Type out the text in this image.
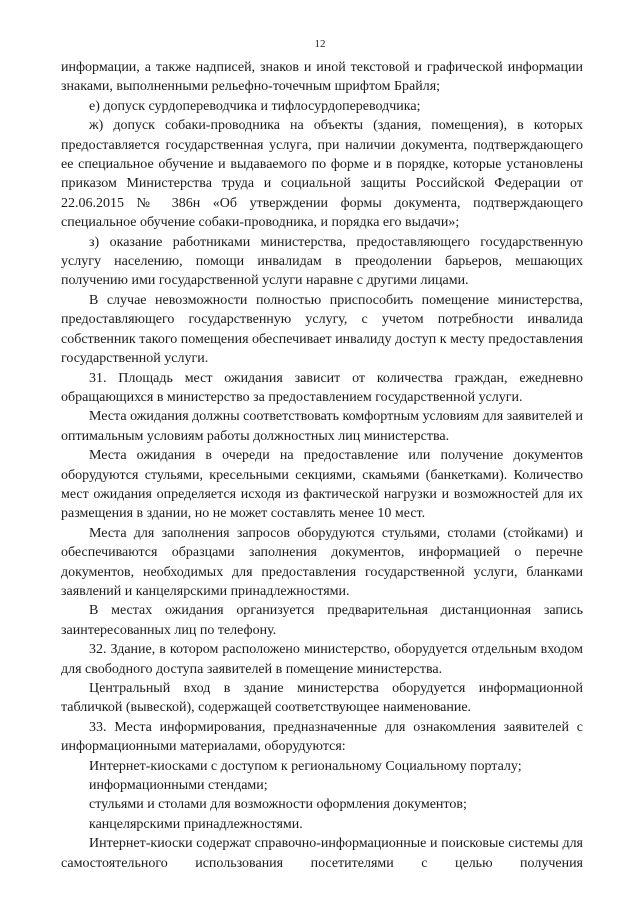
12

информации, а также надписей, знаков и иной текстовой и графической информации знаками, выполненными рельефно-точечным шрифтом Брайля;

е) допуск сурдопереводчика и тифлосурдопереводчика;

ж) допуск собаки-проводника на объекты (здания, помещения), в которых предоставляется государственная услуга, при наличии документа, подтверждающего ее специальное обучение и выдаваемого по форме и в порядке, которые установлены приказом Министерства труда и социальной защиты Российской Федерации от 22.06.2015 № 386н «Об утверждении формы документа, подтверждающего специальное обучение собаки-проводника, и порядка его выдачи»;

з) оказание работниками министерства, предоставляющего государственную услугу населению, помощи инвалидам в преодолении барьеров, мешающих получению ими государственной услуги наравне с другими лицами.

В случае невозможности полностью приспособить помещение министерства, предоставляющего государственную услугу, с учетом потребности инвалида собственник такого помещения обеспечивает инвалиду доступ к месту предоставления государственной услуги.

31. Площадь мест ожидания зависит от количества граждан, ежедневно обращающихся в министерство за предоставлением государственной услуги.

Места ожидания должны соответствовать комфортным условиям для заявителей и оптимальным условиям работы должностных лиц министерства.

Места ожидания в очереди на предоставление или получение документов оборудуются стульями, кресельными секциями, скамьями (банкетками). Количество мест ожидания определяется исходя из фактической нагрузки и возможностей для их размещения в здании, но не может составлять менее 10 мест.

Места для заполнения запросов оборудуются стульями, столами (стойками) и обеспечиваются образцами заполнения документов, информацией о перечне документов, необходимых для предоставления государственной услуги, бланками заявлений и канцелярскими принадлежностями.

В местах ожидания организуется предварительная дистанционная запись заинтересованных лиц по телефону.

32. Здание, в котором расположено министерство, оборудуется отдельным входом для свободного доступа заявителей в помещение министерства.

Центральный вход в здание министерства оборудуется информационной табличкой (вывеской), содержащей соответствующее наименование.

33. Места информирования, предназначенные для ознакомления заявителей с информационными материалами, оборудуются:

Интернет-киосками с доступом к региональному Социальному порталу;

информационными стендами;

стульями и столами для возможности оформления документов;

канцелярскими принадлежностями.

Интернет-киоски содержат справочно-информационные и поисковые системы для самостоятельного использования посетителями с целью получения
